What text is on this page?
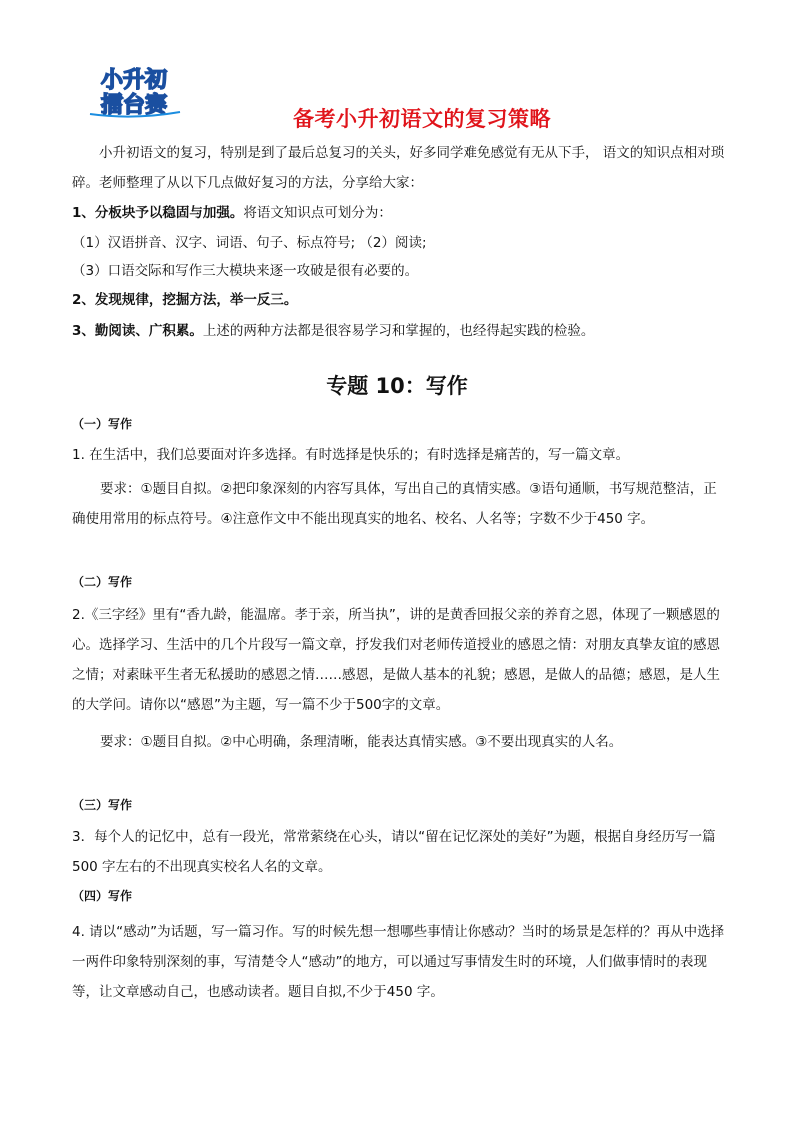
小升初
擂台赛
备考小升初语文的复习策略
小升初语文的复习，特别是到了最后总复习的关头，好多同学难免感觉有无从下手， 语文的知识点相对琐碎。老师整理了从以下几点做好复习的方法，分享给大家：
1、分板块予以稳固与加强。将语文知识点可划分为：
（1）汉语拼音、汉字、词语、句子、标点符号; （2）阅读;
（3）口语交际和写作三大模块来逐一攻破是很有必要的。
2、发现规律，挖掘方法，举一反三。
3、勤阅读、广积累。上述的两种方法都是很容易学习和掌握的，也经得起实践的检验。
专题 10：写作
（一）写作
1. 在生活中，我们总要面对许多选择。有时选择是快乐的；有时选择是痛苦的，写一篇文章。
要求：①题目自拟。②把印象深刻的内容写具体，写出自己的真情实感。③语句通顺，书写规范整洁，正确使用常用的标点符号。④注意作文中不能出现真实的地名、校名、人名等；字数不少于450 字。
（二）写作
2.《三字经》里有“香九龄，能温席。孝于亲，所当执”，讲的是黄香回报父亲的养育之恩，体现了一颗感恩的心。选择学习、生活中的几个片段写一篇文章，抒发我们对老师传道授业的感恩之情：对朋友真挚友谊的感恩之情；对素昧平生者无私援助的感恩之情……感恩，是做人基本的礼貌；感恩，是做人的品德；感恩，是人生的大学问。请你以“感恩”为主题，写一篇不少于500字的文章。
要求：①题目自拟。②中心明确，条理清晰，能表达真情实感。③不要出现真实的人名。
（三）写作
3．每个人的记忆中，总有一段光，常常萦绕在心头，请以“留在记忆深处的美好”为题，根据自身经历写一篇500 字左右的不出现真实校名人名的文章。
（四）写作
4. 请以“感动”为话题，写一篇习作。写的时候先想一想哪些事情让你感动？当时的场景是怎样的？再从中选择一两件印象特别深刻的事，写清楚令人“感动”的地方，可以通过写事情发生时的环境，人们做事情时的表现等，让文章感动自己，也感动读者。题目自拟,不少于450 字。
